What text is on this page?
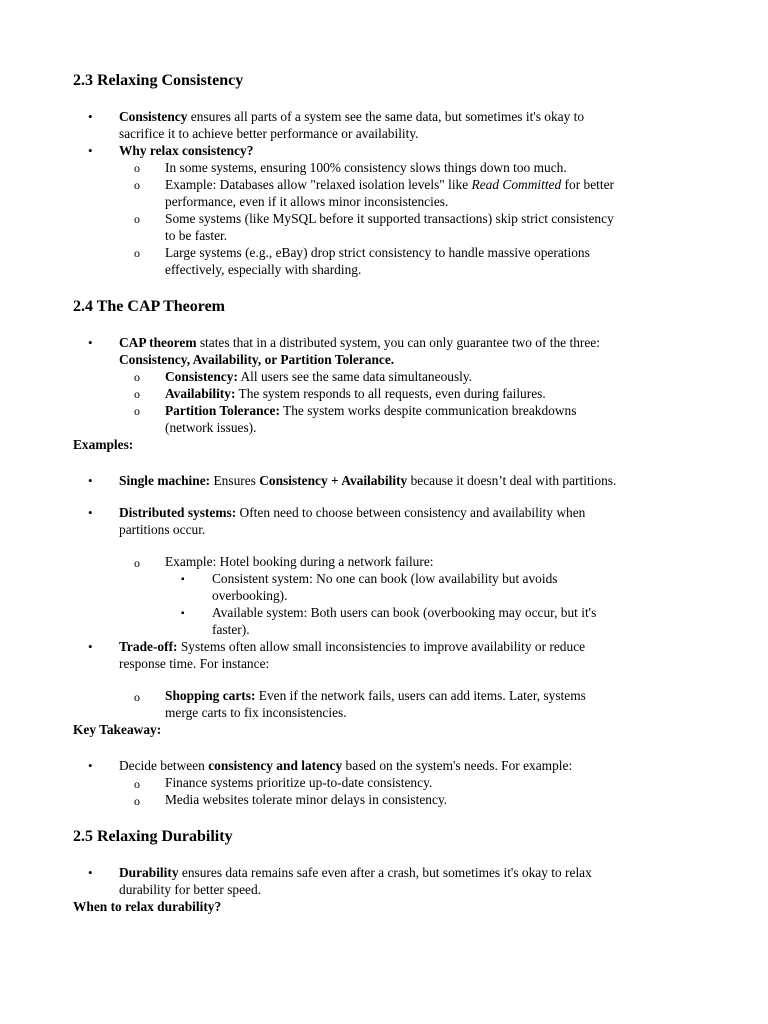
2.3 Relaxing Consistency
• Consistency ensures all parts of a system see the same data, but sometimes it's okay to
sacrifice it to achieve better performance or availability.
• Why relax consistency?
o In some systems, ensuring 100% consistency slows things down too much.
o Example: Databases allow "relaxed isolation levels" like Read Committed for better
performance, even if it allows minor inconsistencies.
o Some systems (like MySQL before it supported transactions) skip strict consistency
to be faster.
o Large systems (e.g., eBay) drop strict consistency to handle massive operations
effectively, especially with sharding.
2.4 The CAP Theorem
• CAP theorem states that in a distributed system, you can only guarantee two of the three:
Consistency, Availability, or Partition Tolerance.
o Consistency: All users see the same data simultaneously.
o Availability: The system responds to all requests, even during failures.
o Partition Tolerance: The system works despite communication breakdowns
(network issues).
Examples:
• Single machine: Ensures Consistency + Availability because it doesn’t deal with partitions.
• Distributed systems: Often need to choose between consistency and availability when
partitions occur.
o Example: Hotel booking during a network failure:
▪ Consistent system: No one can book (low availability but avoids
overbooking).
▪ Available system: Both users can book (overbooking may occur, but it's
faster).
• Trade-off: Systems often allow small inconsistencies to improve availability or reduce
response time. For instance:
o Shopping carts: Even if the network fails, users can add items. Later, systems
merge carts to fix inconsistencies.
Key Takeaway:
• Decide between consistency and latency based on the system's needs. For example:
o Finance systems prioritize up-to-date consistency.
o Media websites tolerate minor delays in consistency.
2.5 Relaxing Durability
• Durability ensures data remains safe even after a crash, but sometimes it's okay to relax
durability for better speed.
When to relax durability?
